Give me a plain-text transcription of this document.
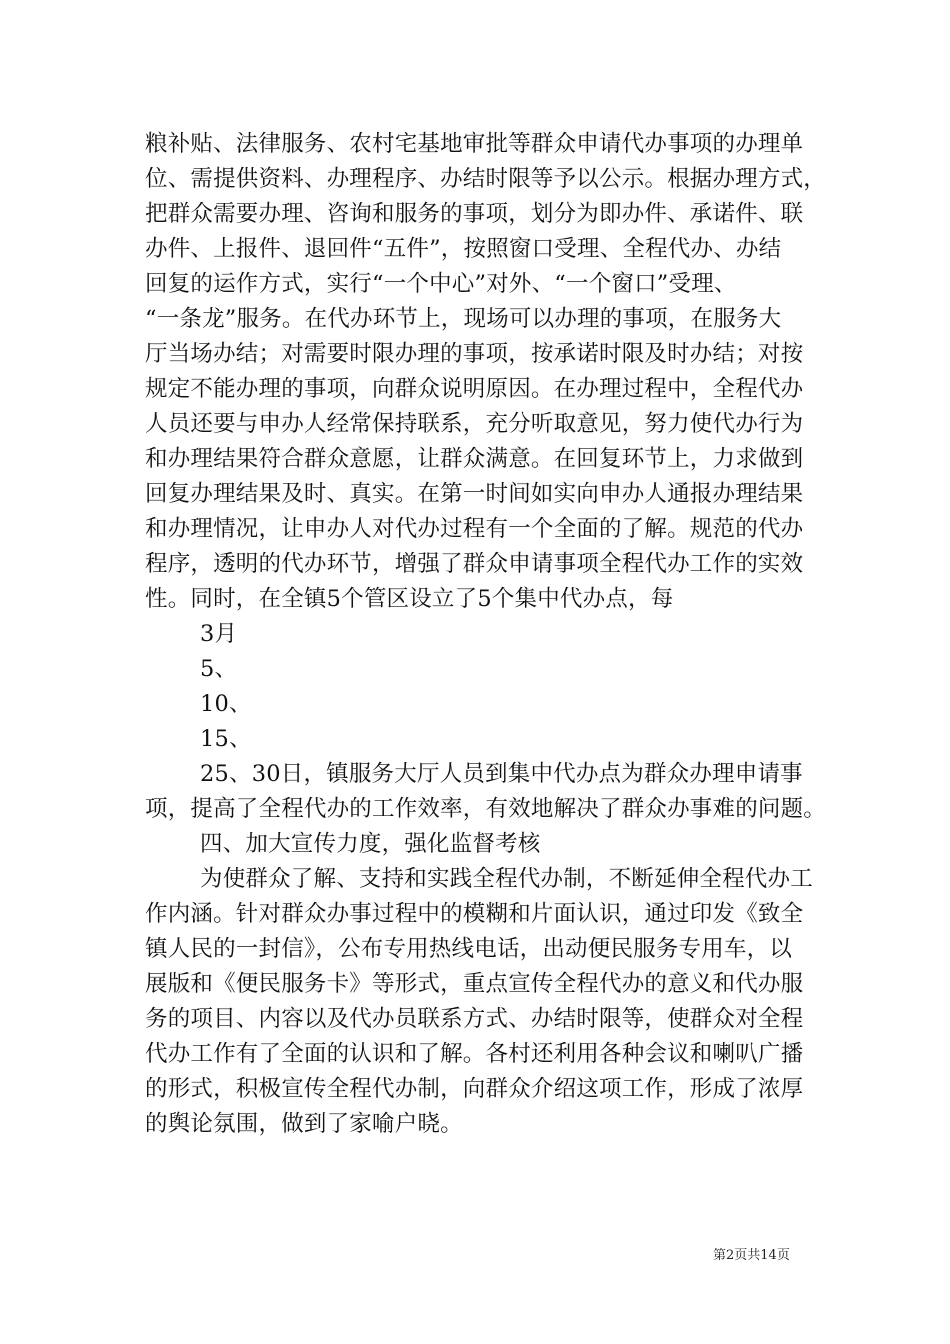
粮补贴、法律服务、农村宅基地审批等群众申请代办事项的办理单
位、需提供资料、办理程序、办结时限等予以公示。根据办理方式，
把群众需要办理、咨询和服务的事项，划分为即办件、承诺件、联
办件、上报件、退回件“五件”，按照窗口受理、全程代办、办结
回复的运作方式，实行“一个中心”对外、“一个窗口”受理、
“一条龙”服务。在代办环节上，现场可以办理的事项，在服务大
厅当场办结；对需要时限办理的事项，按承诺时限及时办结；对按
规定不能办理的事项，向群众说明原因。在办理过程中，全程代办
人员还要与申办人经常保持联系，充分听取意见，努力使代办行为
和办理结果符合群众意愿，让群众满意。在回复环节上，力求做到
回复办理结果及时、真实。在第一时间如实向申办人通报办理结果
和办理情况，让申办人对代办过程有一个全面的了解。规范的代办
程序，透明的代办环节，增强了群众申请事项全程代办工作的实效
性。同时，在全镇5个管区设立了5个集中代办点，每
3月
5、
10、
15、
25、30日，镇服务大厅人员到集中代办点为群众办理申请事
项，提高了全程代办的工作效率，有效地解决了群众办事难的问题。
四、加大宣传力度，强化监督考核
为使群众了解、支持和实践全程代办制，不断延伸全程代办工
作内涵。针对群众办事过程中的模糊和片面认识，通过印发《致全
镇人民的一封信》，公布专用热线电话，出动便民服务专用车，以
展版和《便民服务卡》等形式，重点宣传全程代办的意义和代办服
务的项目、内容以及代办员联系方式、办结时限等，使群众对全程
代办工作有了全面的认识和了解。各村还利用各种会议和喇叭广播
的形式，积极宣传全程代办制，向群众介绍这项工作，形成了浓厚
的舆论氛围，做到了家喻户晓。
第2页共14页
